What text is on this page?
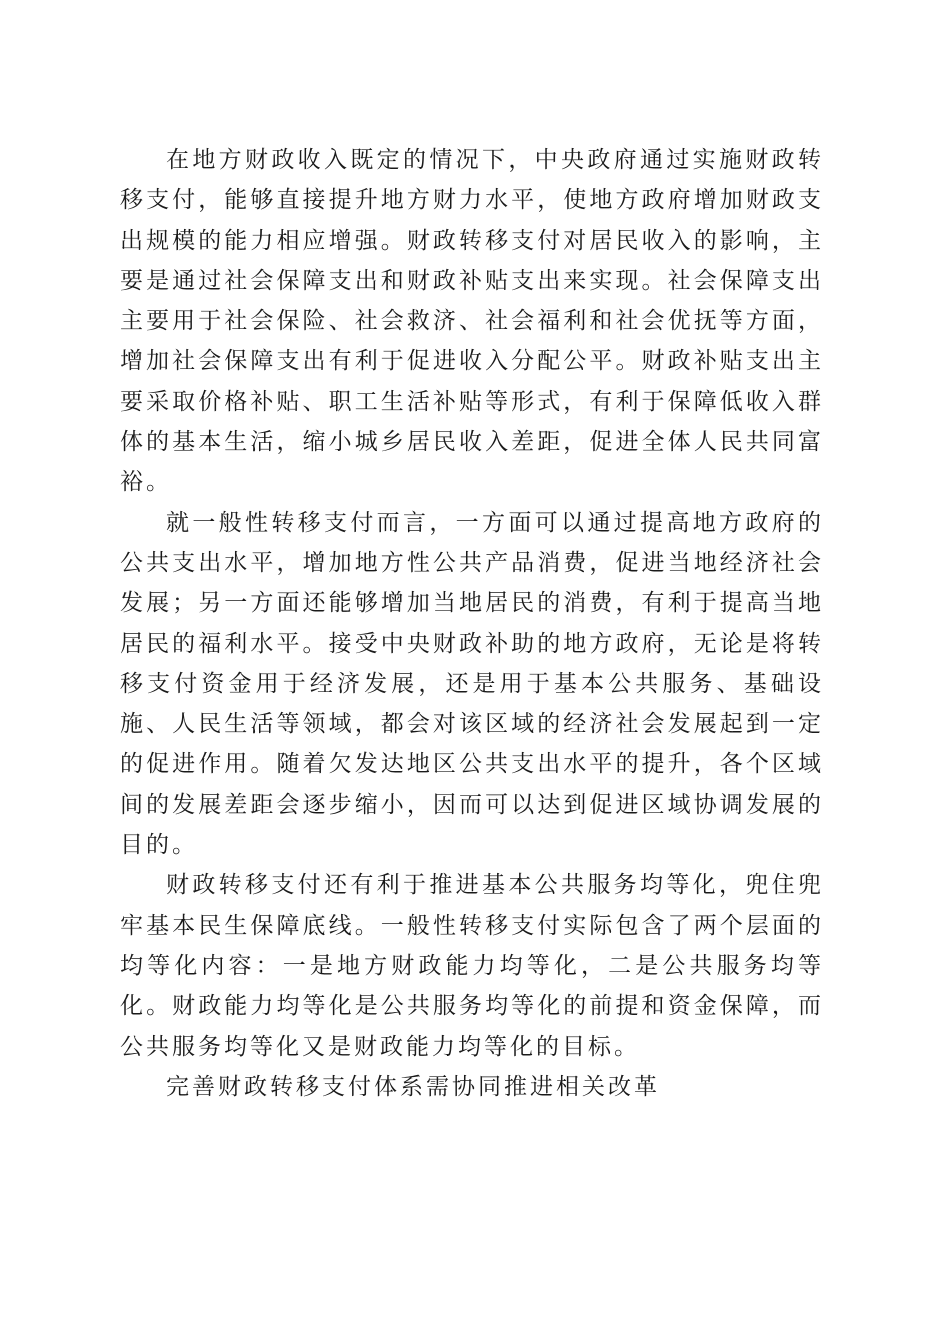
在地方财政收入既定的情况下，中央政府通过实施财政转移支付，能够直接提升地方财力水平，使地方政府增加财政支出规模的能力相应增强。财政转移支付对居民收入的影响，主要是通过社会保障支出和财政补贴支出来实现。社会保障支出主要用于社会保险、社会救济、社会福利和社会优抚等方面，增加社会保障支出有利于促进收入分配公平。财政补贴支出主要采取价格补贴、职工生活补贴等形式，有利于保障低收入群体的基本生活，缩小城乡居民收入差距，促进全体人民共同富裕。

就一般性转移支付而言，一方面可以通过提高地方政府的公共支出水平，增加地方性公共产品消费，促进当地经济社会发展；另一方面还能够增加当地居民的消费，有利于提高当地居民的福利水平。接受中央财政补助的地方政府，无论是将转移支付资金用于经济发展，还是用于基本公共服务、基础设施、人民生活等领域，都会对该区域的经济社会发展起到一定的促进作用。随着欠发达地区公共支出水平的提升，各个区域间的发展差距会逐步缩小，因而可以达到促进区域协调发展的目的。

财政转移支付还有利于推进基本公共服务均等化，兜住兜牢基本民生保障底线。一般性转移支付实际包含了两个层面的均等化内容：一是地方财政能力均等化，二是公共服务均等化。财政能力均等化是公共服务均等化的前提和资金保障，而公共服务均等化又是财政能力均等化的目标。

完善财政转移支付体系需协同推进相关改革
